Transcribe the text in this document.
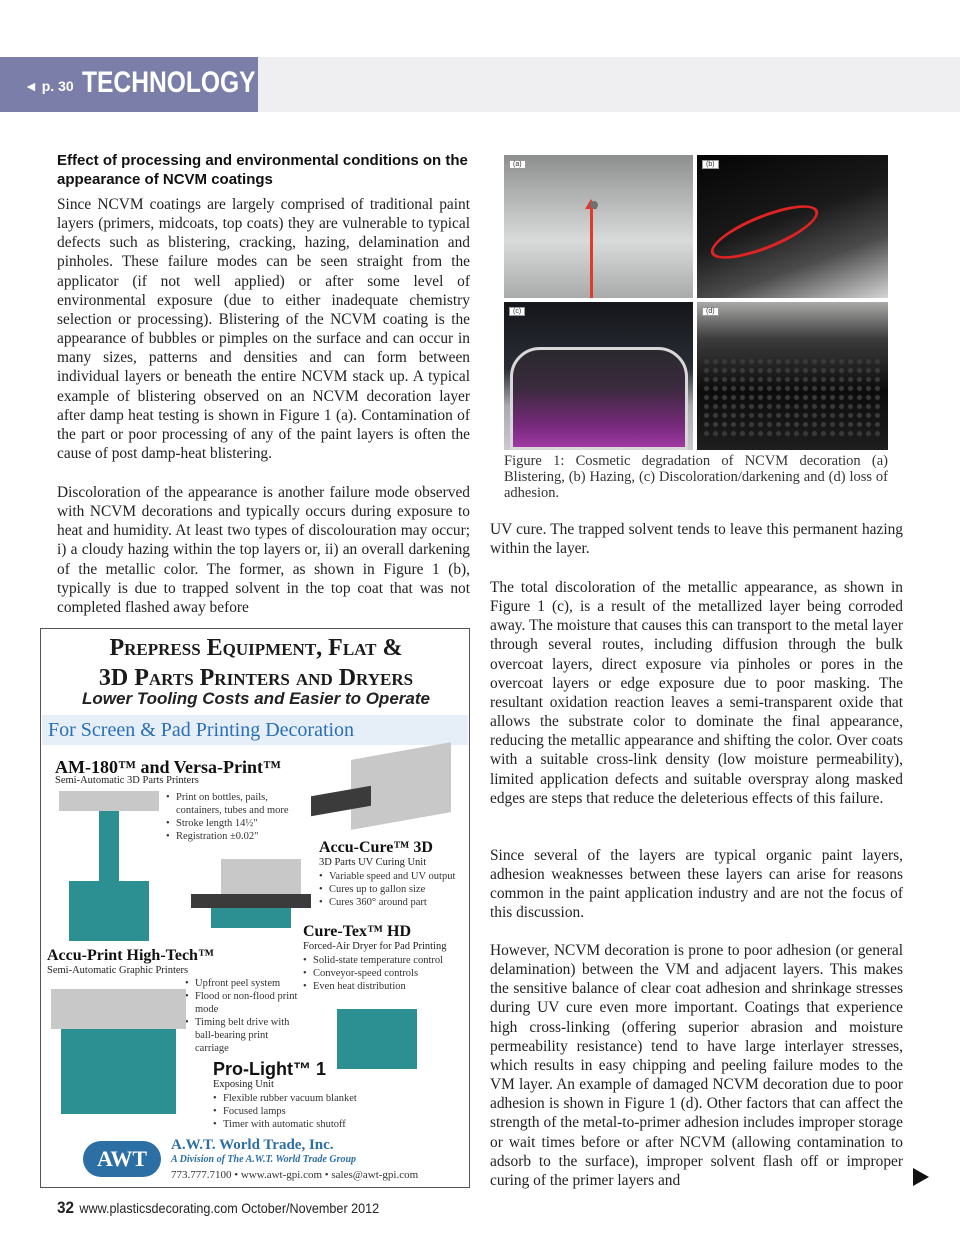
◄ p. 30 TECHNOLOGY
Effect of processing and environmental conditions on the appearance of NCVM coatings

Since NCVM coatings are largely comprised of traditional paint layers (primers, midcoats, top coats) they are vulnerable to typical defects such as blistering, cracking, hazing, delamination and pinholes. These failure modes can be seen straight from the applicator (if not well applied) or after some level of environmental exposure (due to either inadequate chemistry selection or processing). Blistering of the NCVM coating is the appearance of bubbles or pimples on the surface and can occur in many sizes, patterns and densities and can form between individual layers or beneath the entire NCVM stack up. A typical example of blistering observed on an NCVM decoration layer after damp heat testing is shown in Figure 1 (a). Contamination of the part or poor processing of any of the paint layers is often the cause of post damp-heat blistering.

Discoloration of the appearance is another failure mode observed with NCVM decorations and typically occurs during exposure to heat and humidity. At least two types of discolouration may occur; i) a cloudy hazing within the top layers or, ii) an overall darkening of the metallic color. The former, as shown in Figure 1 (b), typically is due to trapped solvent in the top coat that was not completed flashed away before

(a)	(b)
(c)	(d)

Figure 1: Cosmetic degradation of NCVM decoration (a) Blistering, (b) Hazing, (c) Discoloration/darkening and (d) loss of adhesion.

UV cure. The trapped solvent tends to leave this permanent hazing within the layer.

The total discoloration of the metallic appearance, as shown in Figure 1 (c), is a result of the metallized layer being corroded away. The moisture that causes this can transport to the metal layer through several routes, including diffusion through the bulk overcoat layers, direct exposure via pinholes or pores in the overcoat layers or edge exposure due to poor masking. The resultant oxidation reaction leaves a semi-transparent oxide that allows the substrate color to dominate the final appearance, reducing the metallic appearance and shifting the color. Over coats with a suitable cross-link density (low moisture permeability), limited application defects and suitable overspray along masked edges are steps that reduce the deleterious effects of this failure.

Since several of the layers are typical organic paint layers, adhesion weaknesses between these layers can arise for reasons common in the paint application industry and are not the focus of this discussion.

However, NCVM decoration is prone to poor adhesion (or general delamination) between the VM and adjacent layers. This makes the sensitive balance of clear coat adhesion and shrinkage stresses during UV cure even more important. Coatings that experience high cross-linking (offering superior abrasion and moisture permeability resistance) tend to have large interlayer stresses, which results in easy chipping and peeling failure modes to the VM layer. An example of damaged NCVM decoration due to poor adhesion is shown in Figure 1 (d). Other factors that can affect the strength of the metal-to-primer adhesion includes improper storage or wait times before or after NCVM (allowing contamination to adsorb to the surface), improper solvent flash off or improper curing of the primer layers and

Prepress Equipment, Flat &
3D Parts Printers and Dryers
Lower Tooling Costs and Easier to Operate
For Screen & Pad Printing Decoration
AM-180™ and Versa-Print™
Semi-Automatic 3D Parts Printers
• Print on bottles, pails, containers, tubes and more
• Stroke length 14½"
• Registration ±0.02"
Accu-Cure™ 3D
3D Parts UV Curing Unit
• Variable speed and UV output
• Cures up to gallon size
• Cures 360° around part
Cure-Tex™ HD
Forced-Air Dryer for Pad Printing
• Solid-state temperature control
• Conveyor-speed controls
• Even heat distribution
Accu-Print High-Tech™
Semi-Automatic Graphic Printers
• Upfront peel system
• Flood or non-flood print mode
• Timing belt drive with ball-bearing print carriage
Pro-Light™ 1
Exposing Unit
• Flexible rubber vacuum blanket
• Focused lamps
• Timer with automatic shutoff
AWT
A.W.T. World Trade, Inc.
A Division of The A.W.T. World Trade Group
773.777.7100 • www.awt-gpi.com • sales@awt-gpi.com
32 www.plasticsdecorating.com October/November 2012
